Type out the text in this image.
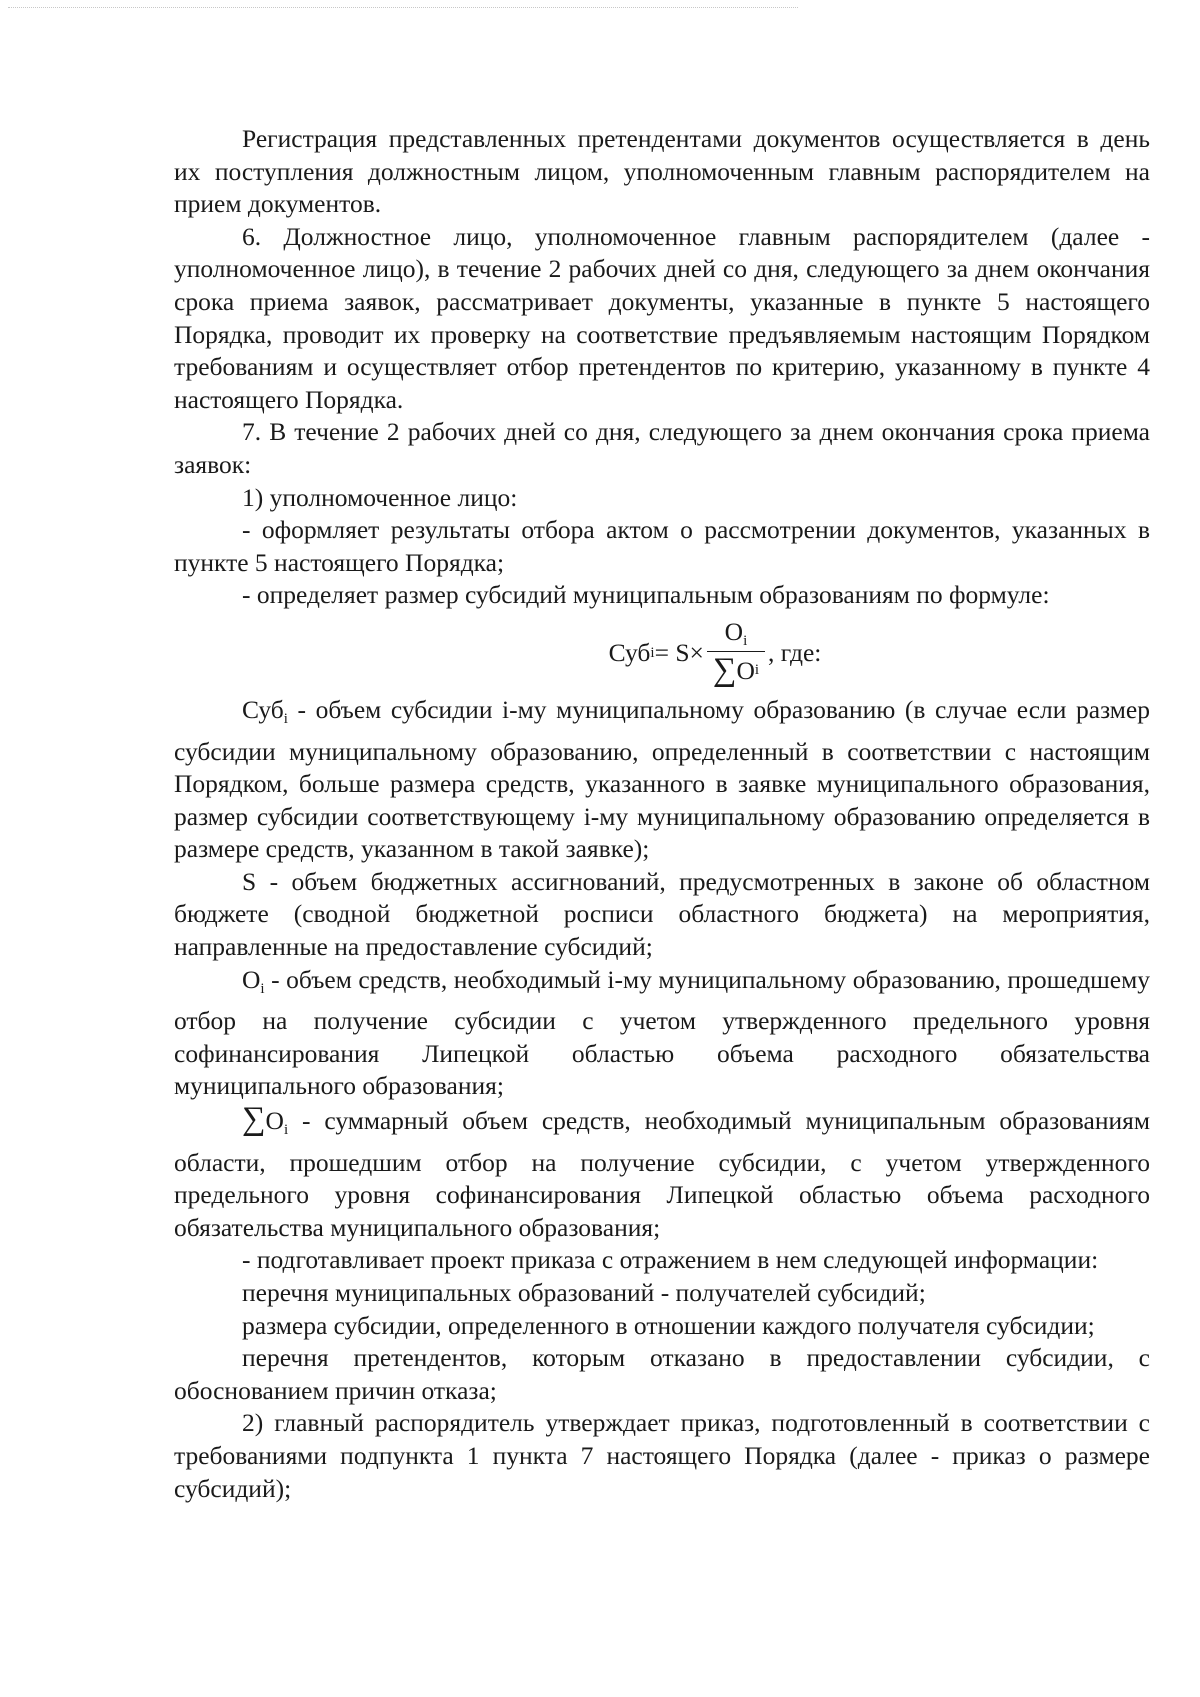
Регистрация представленных претендентами документов осуществляется в день их поступления должностным лицом, уполномоченным главным распорядителем на прием документов.

6. Должностное лицо, уполномоченное главным распорядителем (далее - уполномоченное лицо), в течение 2 рабочих дней со дня, следующего за днем окончания срока приема заявок, рассматривает документы, указанные в пункте 5 настоящего Порядка, проводит их проверку на соответствие предъявляемым настоящим Порядком требованиям и осуществляет отбор претендентов по критерию, указанному в пункте 4 настоящего Порядка.

7. В течение 2 рабочих дней со дня, следующего за днем окончания срока приема заявок:

1) уполномоченное лицо:

- оформляет результаты отбора актом о рассмотрении документов, указанных в пункте 5 настоящего Порядка;

- определяет размер субсидий муниципальным образованиям по формуле:

Суб $i = S\times \frac{O_i}{\text{∑ O i}}$ , где:

Суб$_i$ - объем субсидии i-му муниципальному образованию (в случае если размер субсидии муниципальному образованию, определенный в соответствии с настоящим Порядком, больше размера средств, указанного в заявке муниципального образования, размер субсидии соответствующему i-му муниципальному образованию определяется в размере средств, указанном в такой заявке);

S - объем бюджетных ассигнований, предусмотренных в законе об областном бюджете (сводной бюджетной росписи областного бюджета) на мероприятия, направленные на предоставление субсидий;

$O_i$ - объем средств, необходимый i-му муниципальному образованию, прошедшему отбор на получение субсидии с учетом утвержденного предельного уровня софинансирования Липецкой областью объема расходного обязательства муниципального образования;

$\sum O_i$ - суммарный объем средств, необходимый муниципальным образованиям области, прошедшим отбор на получение субсидии, с учетом утвержденного предельного уровня софинансирования Липецкой областью объема расходного обязательства муниципального образования;

- подготавливает проект приказа с отражением в нем следующей информации:

перечня муниципальных образований - получателей субсидий;

размера субсидии, определенного в отношении каждого получателя субсидии;

перечня претендентов, которым отказано в предоставлении субсидии, с обоснованием причин отказа;

2) главный распорядитель утверждает приказ, подготовленный в соответствии с требованиями подпункта 1 пункта 7 настоящего Порядка (далее - приказ о размере субсидий);
